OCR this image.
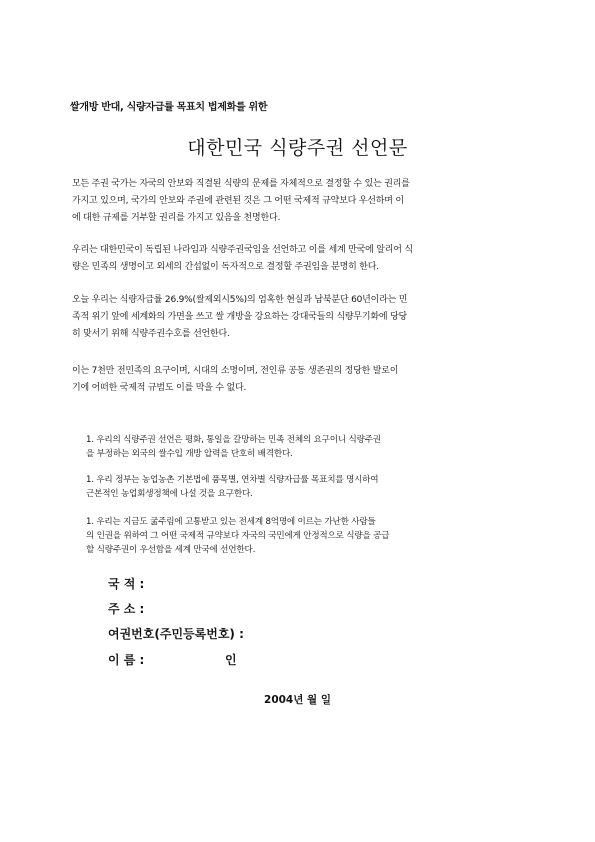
쌀개방 반대, 식량자급률 목표치 법제화를 위한
대한민국 식량주권 선언문
모든 주권 국가는 자국의 안보와 직결된 식량의 문제를 자체적으로 결정할 수 있는 권리를
가지고 있으며, 국가의 안보와 주권에 관련된 것은 그 어떤 국제적 규약보다 우선하며 이
에 대한 규제를 거부할 권리를 가지고 있음을 천명한다.
우리는 대한민국이 독립된 나라임과 식량주권국임을 선언하고 이를 세계 만국에 알리어 식
량은 민족의 생명이고 외세의 간섭없이 독자적으로 결정할 주권임을 분명히 한다.
오늘 우리는 식량자급률 26.9%(쌀제외시5%)의 엄혹한 현실과 남북분단 60년이라는 민
족적 위기 앞에 세계화의 가면을 쓰고 쌀 개방을 강요하는 강대국들의 식량무기화에 당당
히 맞서기 위해 식량주권수호를 선언한다.
이는 7천만 전민족의 요구이며, 시대의 소명이며, 전인류 공동 생존권의 정당한 발로이
기에 어떠한 국제적 규범도 이를 막을 수 없다.
1. 우리의 식량주권 선언은 평화, 통일을 갈망하는 민족 전체의 요구이니 식량주권
을 부정하는 외국의 쌀수입 개방 압력을 단호히 배격한다.
1. 우리 정부는 농업농촌 기본법에 품목별, 연차별 식량자급률 목표치를 명시하여
근본적인 농업회생정책에 나설 것을 요구한다.
1. 우리는 지금도 굶주림에 고통받고 있는 전세계 8억명에 이르는 가난한 사람들
의 인권을 위하여 그 어떤 국제적 규약보다 자국의 국민에게 안정적으로 식량을 공급
할 식량주권이 우선함을 세계 만국에 선언한다.
국 적 :
주 소 :
여권번호(주민등록번호) :
이 름 :	인
2004년 월 일
